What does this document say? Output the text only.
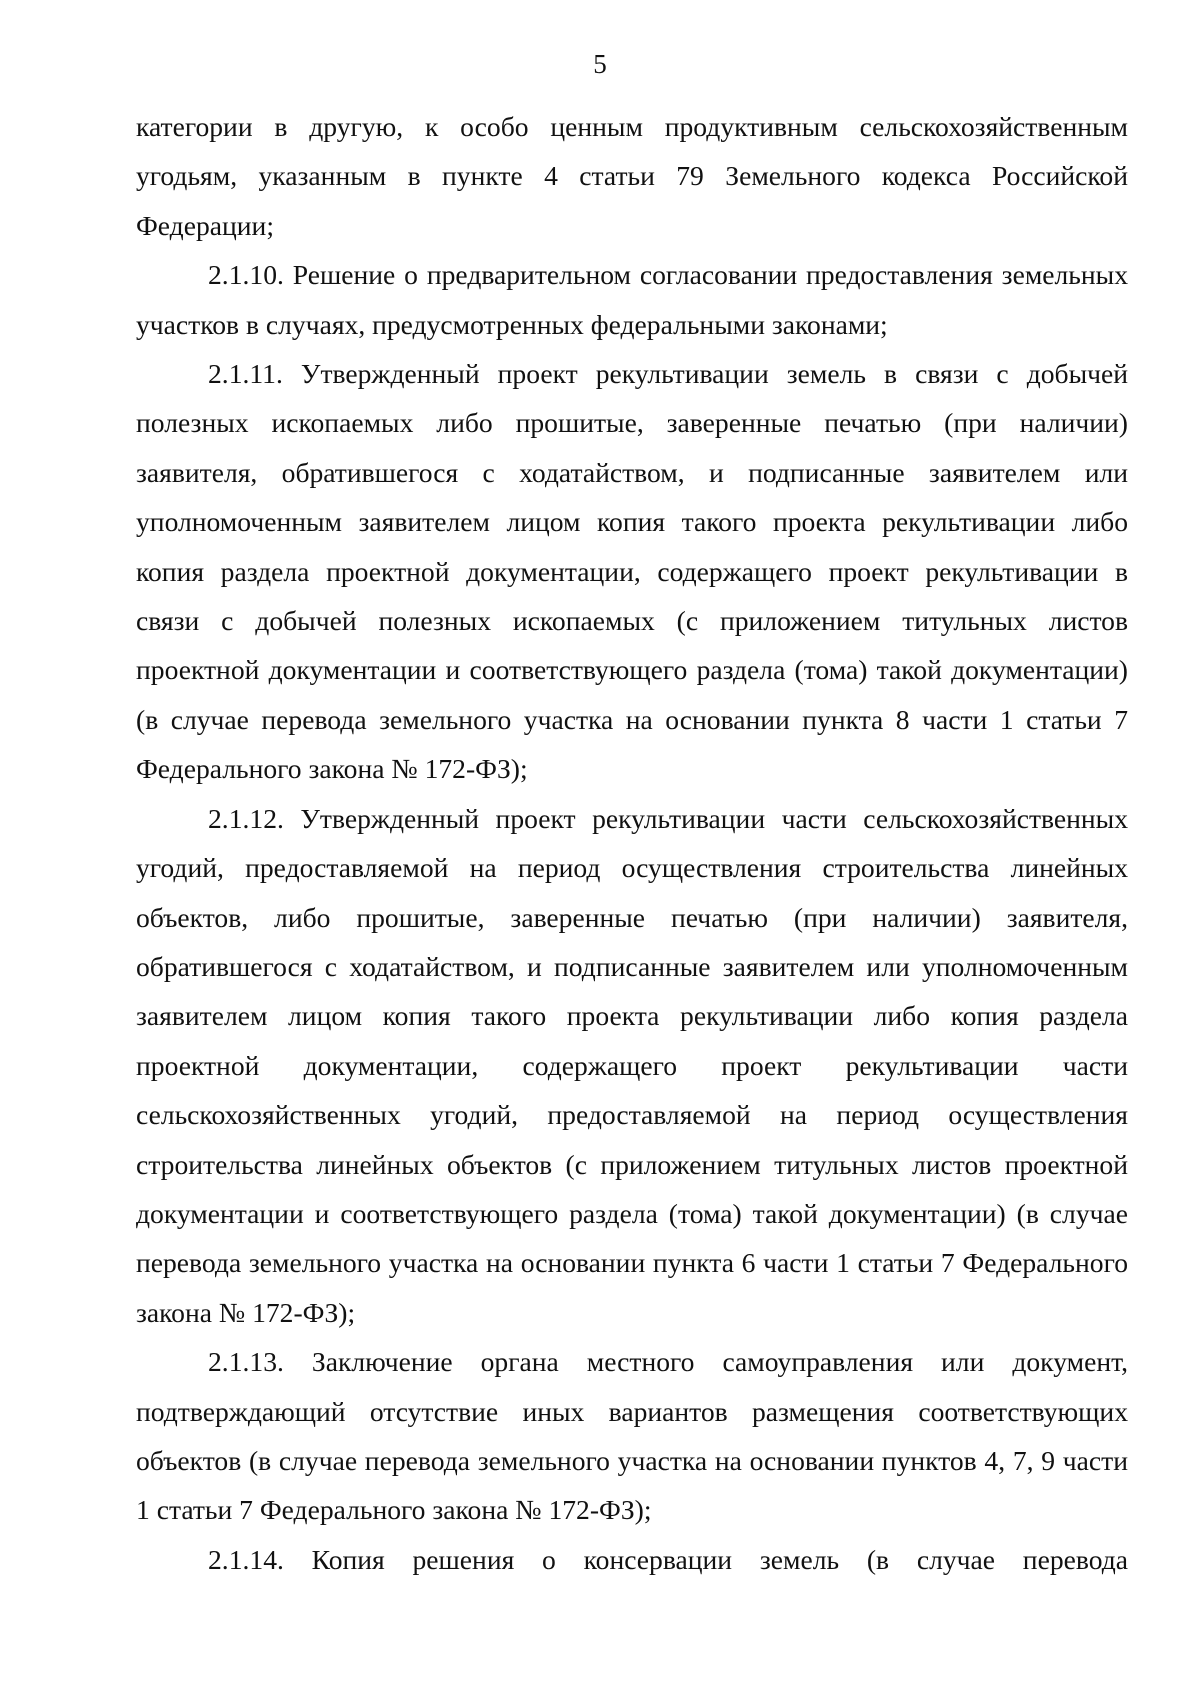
5

категории в другую, к особо ценным продуктивным сельскохозяйственным угодьям, указанным в пункте 4 статьи 79 Земельного кодекса Российской Федерации;

2.1.10. Решение о предварительном согласовании предоставления земельных участков в случаях, предусмотренных федеральными законами;

2.1.11. Утвержденный проект рекультивации земель в связи с добычей полезных ископаемых либо прошитые, заверенные печатью (при наличии) заявителя, обратившегося с ходатайством, и подписанные заявителем или уполномоченным заявителем лицом копия такого проекта рекультивации либо копия раздела проектной документации, содержащего проект рекультивации в связи с добычей полезных ископаемых (с приложением титульных листов проектной документации и соответствующего раздела (тома) такой документации) (в случае перевода земельного участка на основании пункта 8 части 1 статьи 7 Федерального закона № 172-ФЗ);

2.1.12. Утвержденный проект рекультивации части сельскохозяйственных угодий, предоставляемой на период осуществления строительства линейных объектов, либо прошитые, заверенные печатью (при наличии) заявителя, обратившегося с ходатайством, и подписанные заявителем или уполномоченным заявителем лицом копия такого проекта рекультивации либо копия раздела проектной документации, содержащего проект рекультивации части сельскохозяйственных угодий, предоставляемой на период осуществления строительства линейных объектов (с приложением титульных листов проектной документации и соответствующего раздела (тома) такой документации) (в случае перевода земельного участка на основании пункта 6 части 1 статьи 7 Федерального закона № 172-ФЗ);

2.1.13. Заключение органа местного самоуправления или документ, подтверждающий отсутствие иных вариантов размещения соответствующих объектов (в случае перевода земельного участка на основании пунктов 4, 7, 9 части 1 статьи 7 Федерального закона № 172-ФЗ);

2.1.14. Копия решения о консервации земель (в случае перевода
